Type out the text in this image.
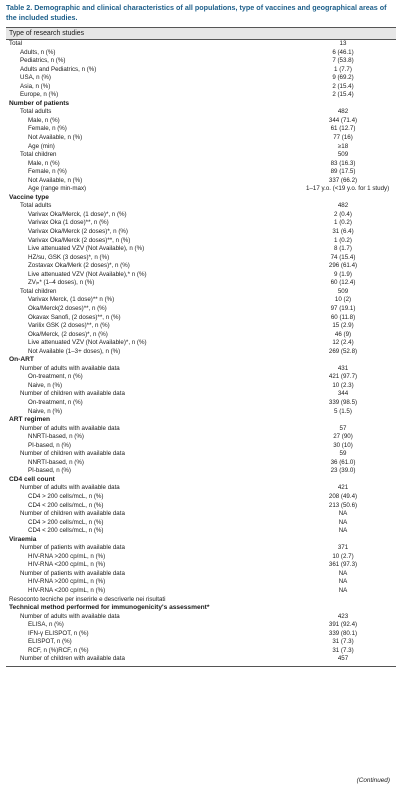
Table 2. Demographic and clinical characteristics of all populations, type of vaccines and geographical areas of the included studies.
Type of research studies
Total	13
Adults, n (%)	6 (46.1)
Pediatrics, n (%)	7 (53.8)
Adults and Pediatrics, n (%)	1 (7.7)
USA, n (%)	9 (69.2)
Asia, n (%)	2 (15.4)
Europe, n (%)	2 (15.4)
Number of patients
Total adults	482
Male, n (%)	344 (71.4)
Female, n (%)	61 (12.7)
Not Available, n (%)	77 (16)
Age (min)	≥18
Total children	509
Male, n (%)	83 (16.3)
Female, n (%)	89 (17.5)
Not Available, n (%)	337 (66.2)
Age (range min-max)	1–17 y.o. (<19 y.o. for 1 study)
Vaccine type
Total adults	482
Varivax Oka/Merck, (1 dose)*, n (%)	2 (0.4)
Varivax Oka (1 dose)**, n (%)	1 (0.2)
Varivax Oka/Merck (2 doses)*, n (%)	31 (6.4)
Varivax Oka/Merck (2 doses)**, n (%)	1 (0.2)
Live attenuated VZV (Not Available), n (%)	8 (1.7)
HZ/su, GSK (3 doses)*, n (%)	74 (15.4)
Zostavax Oka/Merk (2 doses)*, n (%)	296 (61.4)
Live attenuated VZV (Not Available),* n (%)	9 (1.9)
ZVᵢₙ* (1–4 doses), n (%)	60 (12.4)
Total children	509
Varivax Merck, (1 dose)** n (%)	10 (2)
Oka/Merck(2 doses)**, n (%)	97 (19.1)
Okavax Sanofi, (2 doses)**, n (%)	60 (11.8)
Varilix GSK (2 doses)**, n (%)	15 (2.9)
Oka/Merck, (2 doses)*, n (%)	46 (9)
Live attenuated VZV (Not Available)*, n (%)	12 (2.4)
Not Available (1–3+ doses), n (%)	269 (52.8)
On-ART
Number of adults with available data	431
On-treatment, n (%)	421 (97.7)
Naive, n (%)	10 (2.3)
Number of children with available data	344
On-treatment, n (%)	339 (98.5)
Naive, n (%)	5 (1.5)
ART regimen
Number of adults with available data	57
NNRTI-based, n (%)	27 (90)
PI-based, n (%)	30 (10)
Number of children with available data	59
NNRTI-based, n (%)	36 (61.0)
PI-based, n (%)	23 (39.0)
CD4 cell count
Number of adults with available data	421
CD4 > 200 cells/mcL, n (%)	208 (49.4)
CD4 < 200 cells/mcL, n (%)	213 (50.6)
Number of children with available data	NA
CD4 > 200 cells/mcL, n (%)	NA
CD4 < 200 cells/mcL, n (%)	NA
Viraemia
Number of patients with available data	371
HIV-RNA >200 cp/mL, n (%)	10 (2.7)
HIV-RNA <200 cp/mL, n (%)	361 (97.3)
Number of patients with available data	NA
HIV-RNA >200 cp/mL, n (%)	NA
HIV-RNA <200 cp/mL, n (%)	NA
Resoconto tecniche per inserirle e descriverle nei risultati
Technical method performed for immunogenicity's assessment*
Number of adults with available data	423
ELISA, n (%)	391 (92.4)
IFN-γ ELISPOT, n (%)	339 (80.1)
ELISPOT, n (%)	31 (7.3)
RCF, n (%)RCF, n (%)	31 (7.3)
Number of children with available data	457
(Continued)
